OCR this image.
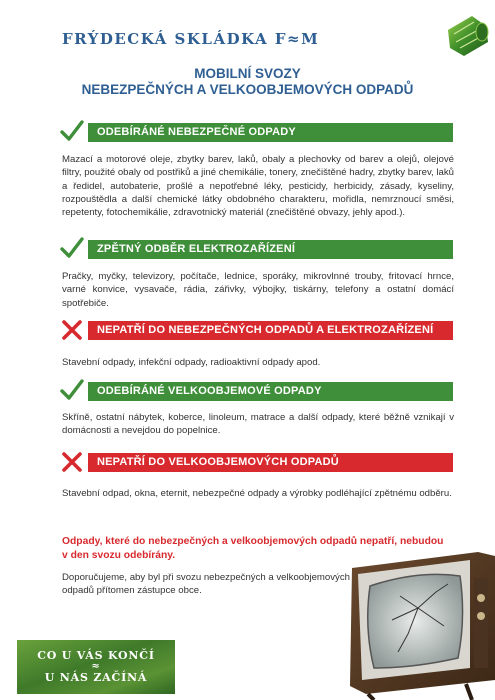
FRÝDECKÁ SKLÁDKA F≈M
MOBILNÍ SVOZY
NEBEZPEČNÝCH A VELKOOBJEMOVÝCH ODPADŮ
ODEBÍRÁNÉ NEBEZPEČNÉ ODPADY
Mazací a motorové oleje, zbytky barev, laků, obaly a plechovky od barev a olejů, olejové filtry, použité obaly od postřiků a jiné chemikálie, tonery, znečištěné hadry, zbytky barev, laků a ředidel, autobaterie, prošlé a nepotřebné léky, pesticidy, herbicidy, zásady, kyseliny, rozpouštědla a další chemické látky obdobného charakteru, mořidla, nemrznoucí směsi, repetenty, fotochemikálie, zdravotnický materiál (znečištěné obvazy, jehly apod.).
ZPĚTNÝ ODBĚR ELEKTROZAŘÍZENÍ
Pračky, myčky, televizory, počítače, lednice, sporáky, mikrovlnné trouby, fritovací hrnce, varné konvice, vysavače, rádia, zářivky, výbojky, tiskárny, telefony a ostatní domácí spotřebiče.
NEPATŘÍ DO NEBEZPEČNÝCH ODPADŮ A ELEKTROZAŘÍZENÍ
Stavební odpady, infekční odpady, radioaktivní odpady apod.
ODEBÍRÁNÉ VELKOOBJEMOVÉ ODPADY
Skříně, ostatní nábytek, koberce, linoleum, matrace a další odpady, které běžně vznikají v domácnosti a nevejdou do popelnice.
NEPATŘÍ DO VELKOOBJEMOVÝCH ODPADŮ
Stavební odpad, okna, eternit, nebezpečné odpady a výrobky podléhající zpětnému odběru.
Odpady, které do nebezpečných a velkoobjemových odpadů nepatří, nebudou v den svozu odebírány.
Doporučujeme, aby byl při svozu nebezpečných a velkoobjemových odpadů přítomen zástupce obce.
CO U VÁS KONČÍ
≈
U NÁS ZAČÍNÁ
